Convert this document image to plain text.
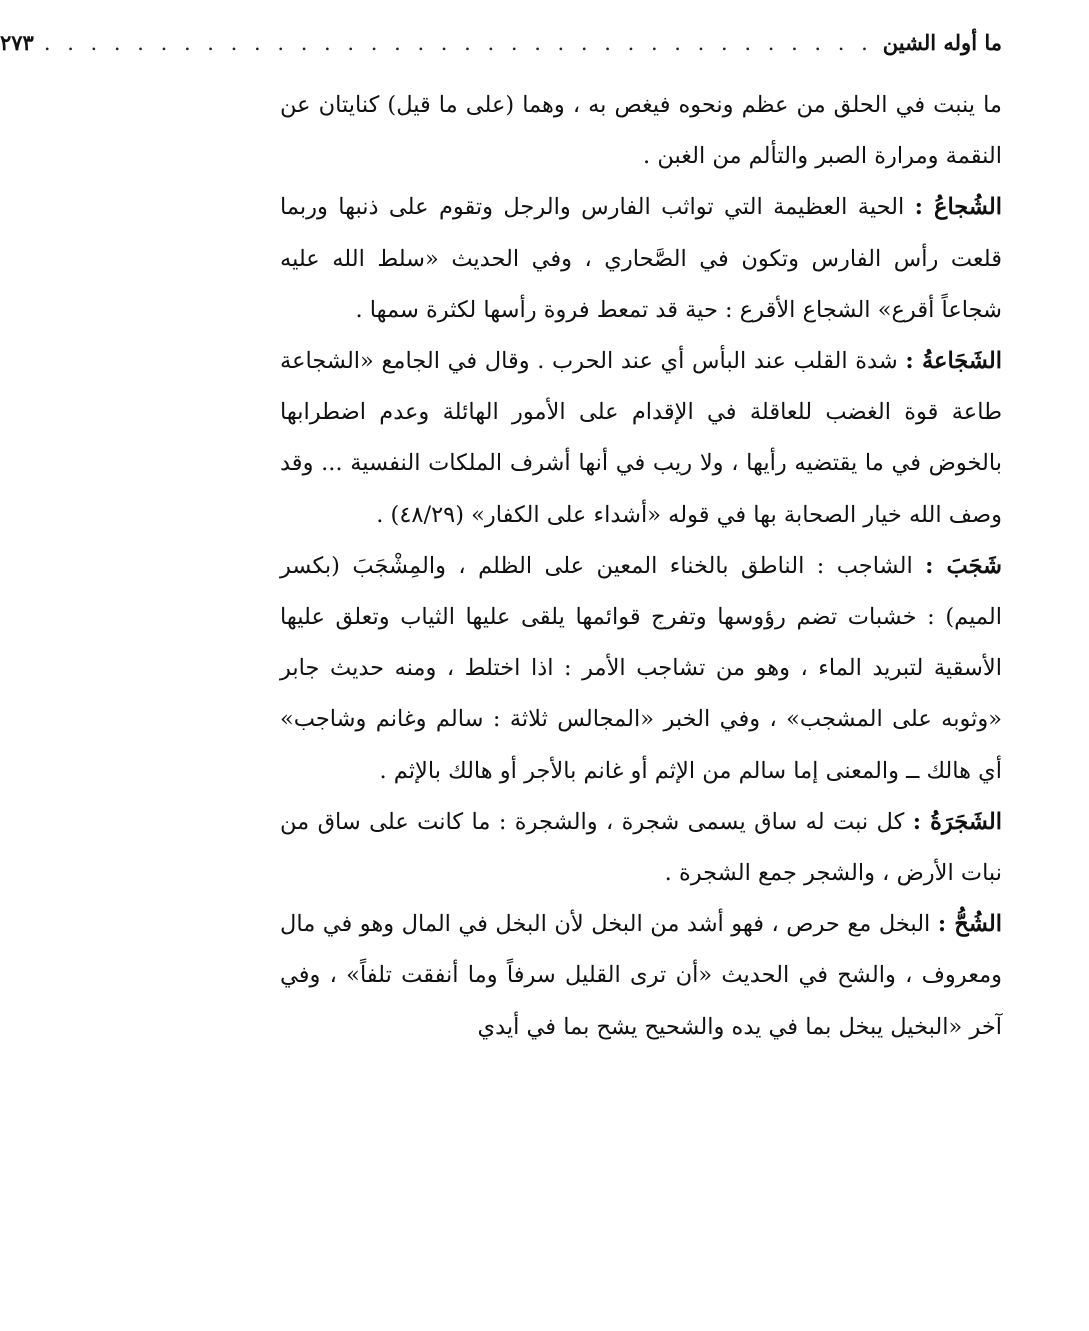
ما أوله الشين
. . . . . . . . . . . . . . . . . . . . . . . . . . . . . . . . . . . .
٢٧٣

ما ينبت في الحلق من عظم ونحوه فيغص به ، وهما (على ما قيل) كنايتان عن النقمة ومرارة الصبر والتألم من الغبن .

الشُجاعُ : الحية العظيمة التي تواثب الفارس والرجل وتقوم على ذنبها وربما قلعت رأس الفارس وتكون في الصَّحاري ، وفي الحديث «سلط الله عليه شجاعاً أقرع» الشجاع الأقرع : حية قد تمعط فروة رأسها لكثرة سمها .

الشَجَاعةُ : شدة القلب عند البأس أي عند الحرب . وقال في الجامع «الشجاعة طاعة قوة الغضب للعاقلة في الإقدام على الأمور الهائلة وعدم اضطرابها بالخوض في ما يقتضيه رأيها ، ولا ريب في أنها أشرف الملكات النفسية ... وقد وصف الله خيار الصحابة بها في قوله «أشداء على الكفار» (٤٨/٢٩) .

شَجَبَ : الشاجب : الناطق بالخناء المعين على الظلم ، والمِشْجَبَ (بكسر الميم) : خشبات تضم رؤوسها وتفرج قوائمها يلقى عليها الثياب وتعلق عليها الأسقية لتبريد الماء ، وهو من تشاجب الأمر : اذا اختلط ، ومنه حديث جابر «وثوبه على المشجب» ، وفي الخبر «المجالس ثلاثة : سالم وغانم وشاجب» أي هالك ــ والمعنى إما سالم من الإثم أو غانم بالأجر أو هالك بالإثم .

الشَجَرَةُ : كل نبت له ساق يسمى شجرة ، والشجرة : ما كانت على ساق من نبات الأرض ، والشجر جمع الشجرة .

الشُحُّ : البخل مع حرص ، فهو أشد من البخل لأن البخل في المال وهو في مال ومعروف ، والشح في الحديث «أن ترى القليل سرفاً وما أنفقت تلفاً» ، وفي آخر «البخيل يبخل بما في يده والشحيح يشح بما في أيدي
